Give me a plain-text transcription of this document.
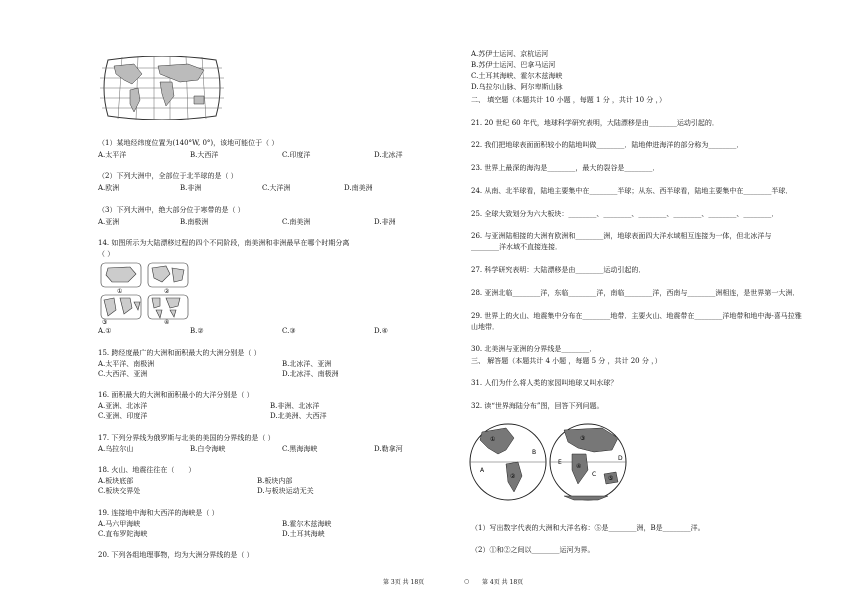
（1）某地经纬度位置为(140°W, 0°)，该地可能位于（ ）
A.太平洋	B.大西洋	C.印度洋	D.北冰洋
（2）下列大洲中，全部位于北半球的是（ ）
A.欧洲	B.非洲	C.大洋洲	D.南美洲
（3）下列大洲中，绝大部分位于寒带的是（ ）
A.亚洲	B.南极洲	C.南美洲	D.非洲
14. 如图所示为大陆漂移过程的四个不同阶段，南美洲和非洲最早在哪个时期分离
（ ）
①	②
③	④
A.①	B.②	C.③	D.④
15. 跨经度最广的大洲和面积最大的大洲分别是（ ）
A.太平洋、南极洲	B.北冰洋、亚洲
C.大西洋、亚洲	D.北冰洋、南极洲
16. 面积最大的大洲和面积最小的大洋分别是（ ）
A.亚洲、北冰洋	B.非洲、北冰洋
C.亚洲、印度洋	D.北美洲、大西洋
17. 下列分界线为俄罗斯与北美的美国的分界线的是（ ）
A.乌拉尔山	B.白令海峡	C.黑海海峡	D.勒拿河
18. 火山、地震往往在（　　）
A.板块底部	B.板块内部
C.板块交界处	D.与板块运动无关
19. 连接地中海和大西洋的海峡是（ ）
A.马六甲海峡	B.霍尔木兹海峡
C.直布罗陀海峡	D.土耳其海峡
20. 下列各组地理事物，均为大洲分界线的是（ ）
第 3页 共 18页
A.苏伊士运河、京杭运河
B.苏伊士运河、巴拿马运河
C.土耳其海峡、霍尔木兹海峡
D.乌拉尔山脉、阿尔卑斯山脉
二、 填空题（本题共计 10 小题 ，每题 1 分 ，共计 10 分 ，）
21. 20 世纪 60 年代，地球科学研究表明，大陆漂移是由________运动引起的．
22. 我们把地球表面面积较小的陆地叫做________．陆地伸进海洋的部分称为________．
23. 世界上最深的海沟是________，最大的裂谷是________．
24. 从南、北半球看，陆地主要集中在________半球；从东、西半球看，陆地主要集中在________半球．
25. 全球大致划分为六大板块：________、________、________、________、________、________．
26. 与亚洲陆相接的大洲有欧洲和________洲，地球表面四大洋水域相互连接为一体，但北冰洋与
________洋水域不直接连接．
27. 科学研究表明：大陆漂移是由________运动引起的．
28. 亚洲北临________洋，东临________洋，南临________洋，西南与________洲相连，是世界第一大洲．
29. 世界上的火山、地震集中分布在________地带．主要火山、地震带在________洋地带和地中海-喜马拉雅
山地带．
30. 北美洲与亚洲的分界线是________．
三、 解答题（本题共计 4 小题 ，每题 5 分 ，共计 20 分 ，）
31. 人们为什么将人类的家园叫地球又叫水球？
32. 读“世界海陆分布”图，回答下列问题。
①
②
③
④
⑤
A
B
C
D
E
（1）写出数字代表的大洲和大洋名称：⑤是________洲，B是________洋。
（2）①和②之间以________运河为界。
○ 第 4页 共 18页
